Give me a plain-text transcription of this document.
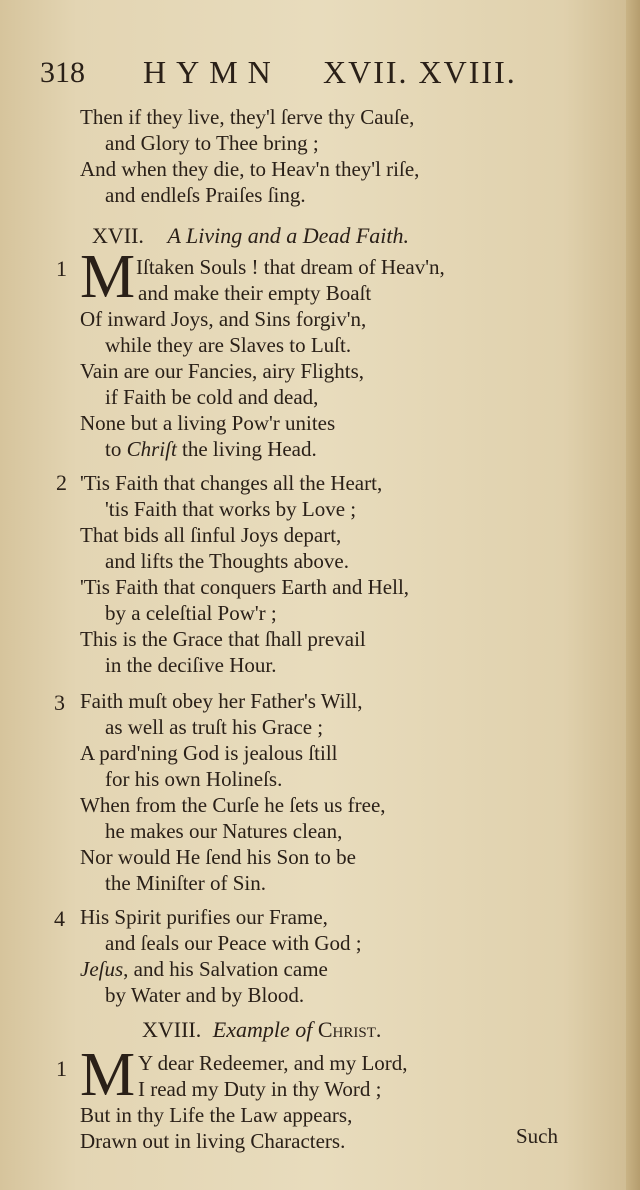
318 HYMN XVII. XVIII.
Then if they live, they'l ſerve thy Cauſe,
and Glory to Thee bring ;
And when they die, to Heav'n they'l riſe,
and endleſs Praiſes ſing.
XVII. A Living and a Dead Faith.
1 M Iſtaken Souls ! that dream of Heav'n,
and make their empty Boaſt
Of inward Joys, and Sins forgiv'n,
while they are Slaves to Luſt.
Vain are our Fancies, airy Flights,
if Faith be cold and dead,
None but a living Pow'r unites
to Chriſt the living Head.
2 'Tis Faith that changes all the Heart,
'tis Faith that works by Love ;
That bids all ſinful Joys depart,
and lifts the Thoughts above.
'Tis Faith that conquers Earth and Hell,
by a celeſtial Pow'r ;
This is the Grace that ſhall prevail
in the deciſive Hour.
3 Faith muſt obey her Father's Will,
as well as truſt his Grace ;
A pard'ning God is jealous ſtill
for his own Holineſs.
When from the Curſe he ſets us free,
he makes our Natures clean,
Nor would He ſend his Son to be
the Miniſter of Sin.
4 His Spirit purifies our Frame,
and ſeals our Peace with God ;
Jeſus, and his Salvation came
by Water and by Blood.
XVIII. Example of Christ.
1 M Y dear Redeemer, and my Lord,
I read my Duty in thy Word ;
But in thy Life the Law appears,
Drawn out in living Characters.	Such
